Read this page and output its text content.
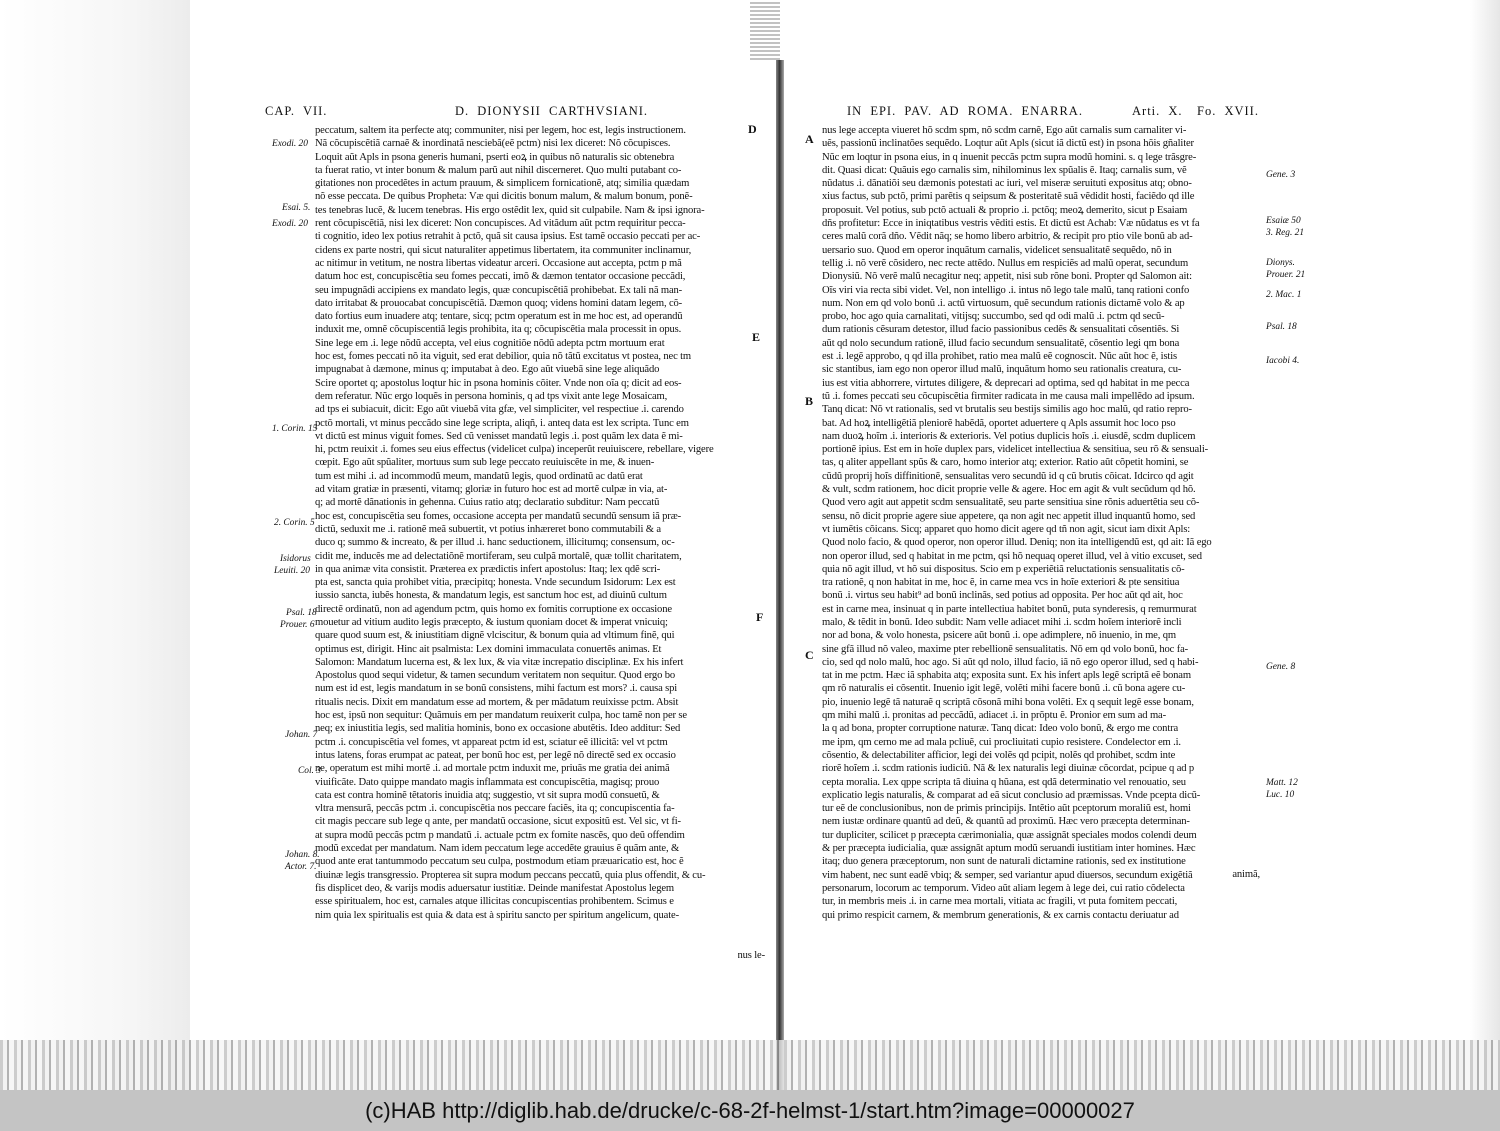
CAP. VII.	D. DIONYSII CARTHVSIANI.
peccatum, saltem ita perfecte atq; communiter, nisi per legem, hoc est, legis instructionem.
Nã cõcupiscẽtiã carnaẽ & inordinatã nesciebã(eẽ pctm) nisi lex diceret: Nõ cõcupisces.
Loquit aũt Apls in psona generis humani, pserti eoꝝ in quibus nõ naturalis sic obtenebra
ta fuerat ratio, vt inter bonum & malum parũ aut nihil discerneret. Quo multi putabant co-
gitationes non procedẽtes in actum prauum, & simplicem fornicationẽ, atq; similia quædam
nõ esse peccata. De quibus Propheta: Væ qui dicitis bonum malum, & malum bonum, ponẽ-
tes tenebras lucẽ, & lucem tenebras. His ergo ostẽdit lex, quid sit culpabile. Nam & ipsi ignora-
rent cõcupiscẽtiã, nisi lex diceret: Non concupisces. Ad vitãdum aũt pctm requiritur pecca-
ti cognitio, ideo lex potius retrahit à pctõ, quã sit causa ipsius. Est tamẽ occasio peccati per ac-
cidens ex parte nostri, qui sicut naturaliter appetimus libertatem, ita communiter inclinamur,
ac nitimur in vetitum, ne nostra libertas videatur arceri. Occasione aut accepta, pctm p mã
datum hoc est, concupiscẽtia seu fomes peccati, imõ & dæmon tentator occasione peccãdi,
seu impugnãdi accipiens ex mandato legis, quæ concupiscẽtiã prohibebat. Ex tali nã man-
dato irritabat & prouocabat concupiscẽtiã. Dæmon quoq; videns homini datam legem, cõ-
dato fortius eum inuadere atq; tentare, sicq; pctm operatum est in me hoc est, ad operandũ
induxit me, omnẽ cõcupiscentiã legis prohibita, ita q; cõcupiscẽtia mala processit in opus.
Sine lege em .i. lege nõdũ accepta, vel eius cognitiõe nõdũ adepta pctm mortuum erat
hoc est, fomes peccati nõ ita viguit, sed erat debilior, quia nõ tãtũ excitatus vt postea, nec tm
impugnabat à dæmone, minus q; imputabat à deo. Ego aũt viuebã sine lege aliquãdo
Scire oportet q; apostolus loqtur hic in psona hominis cõiter. Vnde non oĩa q; dicit ad eos-
dem referatur. Nũc ergo loquẽs in persona hominis, q ad tps vixit ante lege Mosaicam,
ad tps ei subiacuit, dicit: Ego aũt viuebã vita gfæ, vel simpliciter, vel respectiue .i. carendo
pctõ mortali, vt minus peccãdo sine lege scripta, aliqñ, i. anteq data est lex scripta. Tunc em
vt dictũ est minus viguit fomes. Sed cũ venisset mandatũ legis .i. post quãm lex data ẽ mi-
hi, pctm reuixit .i. fomes seu eius effectus (videlicet culpa) inceperũt reuiuiscere, rebellare, vigere
cœpit. Ego aũt spũaliter, mortuus sum sub lege peccato reuiuiscẽte in me, & inuen-
tum est mihi .i. ad incommodũ meum, mandatũ legis, quod ordinatũ ac datũ erat
ad vitam gratiæ in præsenti, vitamq; gloriæ in futuro hoc est ad mortẽ culpæ in via, at-
q; ad mortẽ dãnationis in gehenna. Cuius ratio atq; declaratio subditur: Nam peccatũ
hoc est, concupiscẽtia seu fomes, occasione accepta per mandatũ secundũ sensum iã præ-
dictũ, seduxit me .i. rationẽ meã subuertit, vt potius inhæreret bono commutabili & a
duco q; summo & increato, & per illud .i. hanc seductionem, illicitumq; consensum, oc-
cidit me, inducẽs me ad delectatiõnẽ mortiferam, seu culpã mortalẽ, quæ tollit charitatem,
in qua animæ vita consistit. Præterea ex prædictis infert apostolus: Itaq; lex qdẽ scri-
pta est, sancta quia prohibet vitia, præcipitq; honesta. Vnde secundum Isidorum: Lex est
iussio sancta, iubẽs honesta, & mandatum legis, est sanctum hoc est, ad diuinũ cultum
directẽ ordinatũ, non ad agendum pctm, quis homo ex fomitis corruptione ex occasione
mouetur ad vitium audito legis præcepto, & iustum quoniam docet & imperat vnicuiq;
quare quod suum est, & iniustitiam dignẽ vlciscitur, & bonum quia ad vltimum finẽ, qui
optimus est, dirigit. Hinc ait psalmista: Lex domini immaculata conuertẽs animas. Et
Salomon: Mandatum lucerna est, & lex lux, & via vitæ increpatio disciplinæ. Ex his infert
Apostolus quod sequi videtur, & tamen secundum veritatem non sequitur. Quod ergo bo
num est id est, legis mandatum in se bonũ consistens, mihi factum est mors? .i. causa spi
ritualis necis. Dixit em mandatum esse ad mortem, & per mãdatum reuixisse pctm. Absit
hoc est, ipsũ non sequitur: Quãmuis em per mandatum reuixerit culpa, hoc tamẽ non per se
neq; ex iniustitia legis, sed malitia hominis, bono ex occasione abutẽtis. Ideo additur: Sed
pctm .i. concupiscẽtia vel fomes, vt appareat pctm id est, sciatur eẽ illicitã: vel vt pctm
intus latens, foras erumpat ac pateat, per bonũ hoc est, per legẽ nõ directẽ sed ex occasio
ne, operatum est mihi mortẽ .i. ad mortale pctm induxit me, priuãs me gratia dei animã
viuificãte. Dato quippe mandato magis inflammata est concupiscẽtia, magisq; prouo
cata est contra hominẽ tẽtatoris inuidia atq; suggestio, vt sit supra modũ consuetũ, &
vltra mensurã, peccãs pctm .i. concupiscẽtia nos peccare faciẽs, ita q; concupiscentia fa-
cit magis peccare sub lege q ante, per mandatũ occasione, sicut expositũ est. Vel sic, vt fi-
at supra modũ peccãs pctm p mandatũ .i. actuale pctm ex fomite nascẽs, quo deũ offendim
modũ excedat per mandatum. Nam idem peccatum lege accedẽte grauius ẽ quãm ante, &
quod ante erat tantummodo peccatum seu culpa, postmodum etiam præuaricatio est, hoc ẽ
diuinæ legis transgressio. Propterea sit supra modum peccans peccatũ, quia plus offendit, & cu-
fis displicet deo, & varijs modis aduersatur iustitiæ. Deinde manifestat Apostolus legem
esse spiritualem, hoc est, carnales atque illicitas concupiscentias prohibentem. Scimus e
nim quia lex spiritualis est quia & data est à spiritu sancto per spiritum angelicum, quate-
nus le-
IN EPI. PAV. AD ROMA. ENARRA.	Arti. X. Fo. XVII.
nus lege accepta viueret hõ scdm spm, nõ scdm carnẽ, Ego aũt carnalis sum carnaliter vi-
uẽs, passionũ inclinatões sequẽdo. Loqtur aũt Apls (sicut iã dictũ est) in psona hõis gñaliter
Nũc em loqtur in psona eius, in q inuenit peccãs pctm supra modũ homini. s. q lege trãsgre-
dit. Quasi dicat: Quãuis ego carnalis sim, nihilominus lex spũalis ẽ. Itaq; carnalis sum, vẽ
nũdatus .i. dãnatiõi seu dæmonis potestati ac iuri, vel miseræ seruituti expositus atq; obno-
xius factus, sub pctõ, primi parẽtis q seipsum & posteritatẽ suã vẽdidit hosti, faciẽdo qd ille
proposuit. Vel potius, sub pctõ actuali & proprio .i. pctõq; meoꝝ demerito, sicut p Esaiam
dñs profitetur: Ecce in iniqtatibus vestris vẽditi estis. Et dictũ est Achab: Væ nũdatus es vt fa
ceres malũ corã dño. Vẽdit nãq; se homo libero arbitrio, & recipit pro ptio vile bonũ ab ad-
uersario suo. Quod em operor inquãtum carnalis, videlicet sensualitatẽ sequẽdo, nõ in
tellig .i. nõ verẽ cõsidero, nec recte attẽdo. Nullus em respiciẽs ad malũ operat, secundum
Dionysiũ. Nõ verẽ malũ necagitur neq; appetit, nisi sub rõne boni. Propter qd Salomon ait:
Oĩs viri via recta sibi videt. Vel, non intelligo .i. intus nõ lego tale malũ, tanq rationi confo
num. Non em qd volo bonũ .i. actũ virtuosum, quẽ secundum rationis dictamẽ volo & ap
probo, hoc ago quia carnalitati, vitijsq; succumbo, sed qd odi malũ .i. pctm qd secũ-
dum rationis cẽsuram detestor, illud facio passionibus cedẽs & sensualitati cõsentiẽs. Si
aũt qd nolo secundum rationẽ, illud facio secundum sensualitatẽ, cõsentio legi qm bona
est .i. legẽ approbo, q qd illa prohibet, ratio mea malũ eẽ cognoscit. Nũc aũt hoc ẽ, istis
sic stantibus, iam ego non operor illud malũ, inquãtum homo seu rationalis creatura, cu-
ius est vitia abhorrere, virtutes diligere, & deprecari ad optima, sed qd habitat in me pecca
tũ .i. fomes peccati seu cõcupiscẽtia firmiter radicata in me causa mali impellẽdo ad ipsum.
Tanq dicat: Nõ vt rationalis, sed vt brutalis seu bestijs similis ago hoc malũ, qd ratio repro-
bat. Ad hoꝝ intelligẽtiã pleniorẽ habẽdã, oportet aduertere q Apls assumit hoc loco pso
nam duoꝝ hoĩm .i. interioris & exterioris. Vel potius duplicis hoĩs .i. eiusdẽ, scdm duplicem
portionẽ ipius. Est em in hoĩe duplex pars, videlicet intellectiua & sensitiua, seu rõ & sensuali-
tas, q aliter appellant spũs & caro, homo interior atq; exterior. Ratio aũt cõpetit homini, se
cũdũ proprij hoĩs diffinitionẽ, sensualitas vero secundũ id q cũ brutis cõicat. Idcirco qd agit
& vult, scdm rationem, hoc dicit proprie velle & agere. Hoc em agit & vult secũdum qd hõ.
Quod vero agit aut appetit scdm sensualitatẽ, seu parte sensitiua sine rõnis aduertẽtia seu cõ-
sensu, nõ dicit proprie agere siue appetere, qa non agit nec appetit illud inquantũ homo, sed
vt iumẽtis cõicans. Sicq; apparet quo homo dicit agere qd tñ non agit, sicut iam dixit Apls:
Quod nolo facio, & quod operor, non operor illud. Deniq; non ita intelligendũ est, qd ait: Iã ego
non operor illud, sed q habitat in me pctm, qsi hõ nequaq operet illud, vel à vitio excuset, sed
quia nõ agit illud, vt hõ sui dispositus. Scio em p experiẽtiã reluctationis sensualitatis cõ-
tra rationẽ, q non habitat in me, hoc ẽ, in carne mea vcs in hoĩe exteriori & pte sensitiua
bonũ .i. virtus seu habit⁹ ad bonũ inclinãs, sed potius ad opposita. Per hoc aũt qd ait, hoc
est in carne mea, insinuat q in parte intellectiua habitet bonũ, puta synderesis, q remurmurat
malo, & tẽdit in bonũ. Ideo subdit: Nam velle adiacet mihi .i. scdm hoĩem interiorẽ incli
nor ad bona, & volo honesta, psicere aũt bonũ .i. ope adimplere, nõ inuenio, in me, qm
sine gfã illud nõ valeo, maxime pter rebellionẽ sensualitatis. Nõ em qd volo bonũ, hoc fa-
cio, sed qd nolo malũ, hoc ago. Si aũt qd nolo, illud facio, iã nõ ego operor illud, sed q habi-
tat in me pctm. Hæc iã sphabita atq; exposita sunt. Ex his infert apls legẽ scriptã eẽ bonam
qm rõ naturalis ei cõsentit. Inuenio igit legẽ, volẽti mihi facere bonũ .i. cũ bona agere cu-
pio, inuenio legẽ tã naturaẽ q scriptã cõsonã mihi bona volẽti. Ex q sequit legẽ esse bonam,
qm mihi malũ .i. pronitas ad peccãdũ, adiacet .i. in prõptu ẽ. Pronior em sum ad ma-
la q ad bona, propter corruptione naturæ. Tanq dicat: Ideo volo bonũ, & ergo me contra
me ipm, qm cerno me ad mala pcliuẽ, cui procliuitati cupio resistere. Condelector em .i.
cõsentio, & delectabiliter afficior, legi dei volẽs qd pcipit, nolẽs qd prohibet, scdm inte
riorẽ hoĩem .i. scdm rationis iudiciũ. Nã & lex naturalis legi diuinæ cõcordat, pcipue q ad p
cepta moralia. Lex qppe scripta tã diuina q hũana, est qdã determinatio vel renouatio, seu
explicatio legis naturalis, & comparat ad eã sicut conclusio ad præmissas. Vnde pcepta dicũ-
tur eẽ de conclusionibus, non de primis principijs. Intẽtio aũt pceptorum moraliũ est, homi
nem iustæ ordinare quantũ ad deũ, & quantũ ad proximũ. Hæc vero præcepta determinan-
tur dupliciter, scilicet p præcepta cærimonialia, quæ assignãt speciales modos colendi deum
& per præcepta iudicialia, quæ assignãt aptum modũ seruandi iustitiam inter homines. Hæc
itaq; duo genera præceptorum, non sunt de naturali dictamine rationis, sed ex institutione
vim habent, nec sunt eadẽ vbiq; & semper, sed variantur apud diuersos, secundum exigẽtiã
personarum, locorum ac temporum. Video aũt aliam legem à lege dei, cui ratio cõdelecta
tur, in membris meis .i. in carne mea mortali, vitiata ac fragili, vt puta fomitem peccati,
qui primo respicit carnem, & membrum generationis, & ex carnis contactu deriuatur ad
animã,
Exodi. 20
Esai. 5.
Exodi. 20
1. Corin. 15
2. Corin. 5
Isidorus
Leuiti. 20
Psal. 18
Prouer. 6
Johan. 7
Col. 3
Johan. 8.
Actor. 7.
D
E
F
Gene. 3
Esaiæ 50
3. Reg. 21
Dionys.
Prouer. 21
2. Mac. 1
Psal. 18
Iacobi 4.
Gene. 8
Matt. 12
Luc. 10
A
B
C
(c)HAB http://diglib.hab.de/drucke/c-68-2f-helmst-1/start.htm?image=00000027
